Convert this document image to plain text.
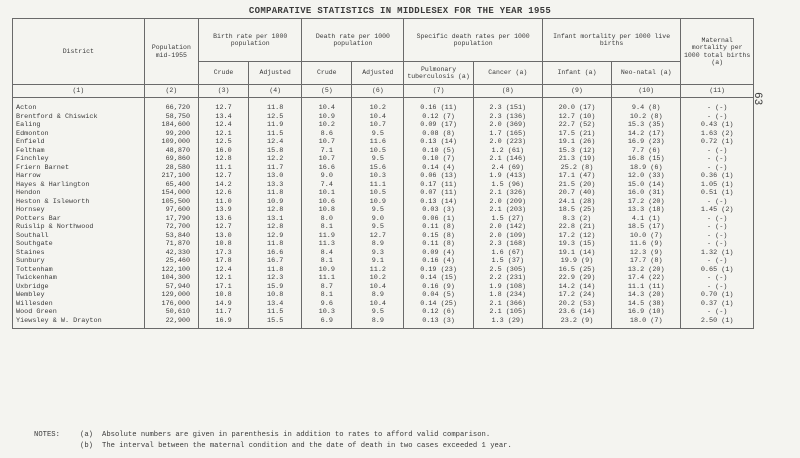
COMPARATIVE STATISTICS IN MIDDLESEX FOR THE YEAR 1955
63
District	Population mid-1955	Birth rate per 1000 population		Death rate per 1000 population		Specific death rates per 1000 population		Infant mortality per 1000 live births		Maternal mortality per 1000 total births (a)
		Crude	Adjusted	Crude	Adjusted	Pulmonary tuberculosis (a)	Cancer (a)	Infant (a)	Neo-natal (a)	
(1)	(2)	(3)	(4)	(5)	(6)	(7)	(8)	(9)	(10)	(11)

Acton	66,720	12.7	11.8	10.4	10.2	0.16 (11)	2.3 (151)	20.0 (17)	9.4 (8)	- (-)
Brentford & Chiswick	58,750	13.4	12.5	10.9	10.4	0.12 (7)	2.3 (136)	12.7 (10)	10.2 (8)	- (-)
Ealing	184,600	12.4	11.9	10.2	10.7	0.09 (17)	2.0 (369)	22.7 (52)	15.3 (35)	0.43 (1)
Edmonton	99,200	12.1	11.5	8.6	9.5	0.08 (8)	1.7 (165)	17.5 (21)	14.2 (17)	1.63 (2)
Enfield	109,000	12.5	12.4	10.7	11.6	0.13 (14)	2.0 (223)	19.1 (26)	16.9 (23)	0.72 (1)
Feltham	48,870	16.0	15.8	7.1	10.5	0.10 (5)	1.2 (61)	15.3 (12)	7.7 (6)	- (-)
Finchley	69,860	12.8	12.2	10.7	9.5	0.10 (7)	2.1 (146)	21.3 (19)	16.8 (15)	- (-)
Friern Barnet	28,580	11.1	11.7	16.6	15.6	0.14 (4)	2.4 (69)	25.2 (8)	18.9 (6)	- (-)
Harrow	217,100	12.7	13.0	9.0	10.3	0.06 (13)	1.9 (413)	17.1 (47)	12.0 (33)	0.36 (1)
Hayes & Harlington	65,400	14.2	13.3	7.4	11.1	0.17 (11)	1.5 (96)	21.5 (20)	15.0 (14)	1.05 (1)
Hendon	154,000	12.6	11.8	10.1	10.5	0.07 (11)	2.1 (326)	20.7 (40)	16.0 (31)	0.51 (1)
Heston & Isleworth	105,500	11.0	10.9	10.6	10.9	0.13 (14)	2.0 (209)	24.1 (28)	17.2 (20)	- (-)
Hornsey	97,600	13.9	12.8	10.8	9.5	0.03 (3)	2.1 (203)	18.5 (25)	13.3 (18)	1.45 (2)
Potters Bar	17,790	13.6	13.1	8.0	9.0	0.06 (1)	1.5 (27)	8.3 (2)	4.1 (1)	- (-)
Ruislip & Northwood	72,700	12.7	12.8	8.1	9.5	0.11 (8)	2.0 (142)	22.8 (21)	18.5 (17)	- (-)
Southall	53,840	13.0	12.9	11.9	12.7	0.15 (8)	2.0 (109)	17.2 (12)	10.0 (7)	- (-)
Southgate	71,870	10.8	11.8	11.3	8.9	0.11 (8)	2.3 (168)	19.3 (15)	11.6 (9)	- (-)
Staines	42,330	17.3	16.6	8.4	9.3	0.09 (4)	1.6 (67)	19.1 (14)	12.3 (9)	1.32 (1)
Sunbury	25,460	17.8	16.7	8.1	9.1	0.16 (4)	1.5 (37)	19.9 (9)	17.7 (8)	- (-)
Tottenham	122,100	12.4	11.8	10.9	11.2	0.19 (23)	2.5 (305)	16.5 (25)	13.2 (20)	0.65 (1)
Twickenham	104,300	12.1	12.3	11.1	10.2	0.14 (15)	2.2 (231)	22.9 (29)	17.4 (22)	- (-)
Uxbridge	57,940	17.1	15.9	8.7	10.4	0.16 (9)	1.9 (108)	14.2 (14)	11.1 (11)	- (-)
Wembley	129,000	10.8	10.8	8.1	8.9	0.04 (5)	1.8 (234)	17.2 (24)	14.3 (20)	0.70 (1)
Willesden	176,000	14.9	13.4	9.6	10.4	0.14 (25)	2.1 (366)	20.2 (53)	14.5 (38)	0.37 (1)
Wood Green	50,610	11.7	11.5	10.3	9.5	0.12 (6)	2.1 (105)	23.6 (14)	16.9 (10)	- (-)
Yiewsley & W. Drayton	22,900	16.9	15.5	6.9	8.9	0.13 (3)	1.3 (29)	23.2 (9)	18.0 (7)	2.50 (1)

NOTES:	(a)	Absolute numbers are given in parenthesis in addition to rates to afford valid comparison.
(b)	The interval between the maternal condition and the date of death in two cases exceeded 1 year.
